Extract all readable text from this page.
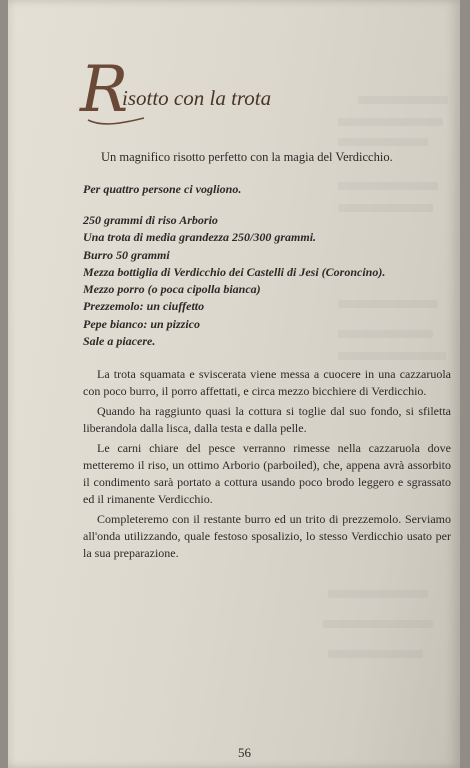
R
isotto con la trota
Un magnifico risotto perfetto con la magia del Verdicchio.
Per quattro persone ci vogliono.
250 grammi di riso Arborio
Una trota di media grandezza 250/300 grammi.
Burro 50 grammi
Mezza bottiglia di Verdicchio dei Castelli di Jesi (Coroncino).
Mezzo porro (o poca cipolla bianca)
Prezzemolo: un ciuffetto
Pepe bianco: un pizzico
Sale a piacere.

La trota squamata e sviscerata viene messa a cuocere in una cazzaruola con poco burro, il porro affettati, e circa mezzo bicchiere di Verdicchio.

Quando ha raggiunto quasi la cottura si toglie dal suo fondo, si sfiletta liberandola dalla lisca, dalla testa e dalla pelle.

Le carni chiare del pesce verranno rimesse nella cazzaruola dove metteremo il riso, un ottimo Arborio (parboiled), che, appena avrà assorbito il condimento sarà portato a cottura usando poco brodo leggero e sgrassato ed il rimanente Verdicchio.

Completeremo con il restante burro ed un trito di prezzemolo. Serviamo all'onda utilizzando, quale festoso sposalizio, lo stesso Verdicchio usato per la sua preparazione.

56
